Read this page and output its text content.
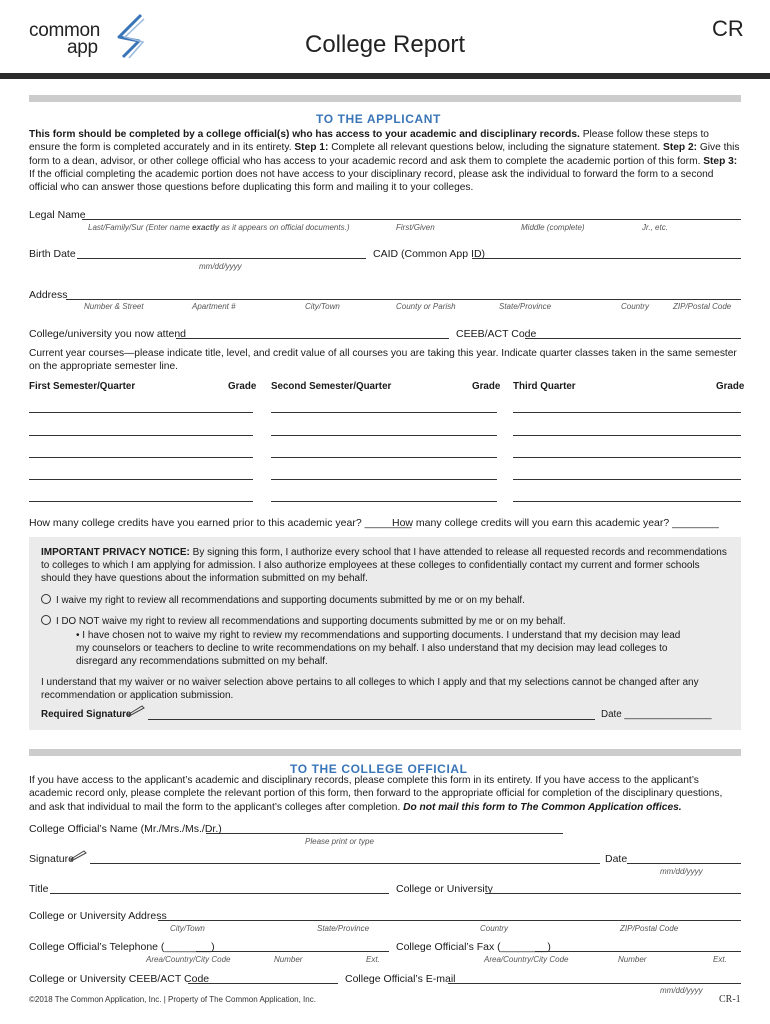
common
app	College Report
CR
TO THE APPLICANT
This form should be completed by a college official(s) who has access to your academic and disciplinary records. Please follow these steps to ensure the form is completed accurately and in its entirety. Step 1: Complete all relevant questions below, including the signature statement. Step 2: Give this form to a dean, advisor, or other college official who has access to your academic record and ask them to complete the academic portion of this form. Step 3: If the official completing the academic portion does not have access to your disciplinary record, please ask the individual to forward the form to a second official who can answer those questions before duplicating this form and mailing it to your colleges.
Legal Name
Last/Family/Sur (Enter name exactly as it appears on official documents.)	First/Given	Middle (complete)	Jr., etc.
Birth Date
mm/dd/yyyy
CAID (Common App ID)
Address
Number & Street	Apartment #	City/Town	County or Parish	State/Province	Country	ZIP/Postal Code
College/university you now attend	CEEB/ACT Code
Current year courses—please indicate title, level, and credit value of all courses you are taking this year. Indicate quarter classes taken in the same semester on the appropriate semester line.
First Semester/Quarter	Grade Second Semester/Quarter	Grade Third Quarter	Grade
How many college credits have you earned prior to this academic year? ________
How many college credits will you earn this academic year? ________
IMPORTANT PRIVACY NOTICE: By signing this form, I authorize every school that I have attended to release all requested records and recommendations to colleges to which I am applying for admission. I also authorize employees at these colleges to confidentially contact my current and former schools should they have questions about the information submitted on my behalf.
I waive my right to review all recommendations and supporting documents submitted by me or on my behalf.
I DO NOT waive my right to review all recommendations and supporting documents submitted by me or on my behalf.
• I have chosen not to waive my right to review my recommendations and supporting documents. I understand that my decision may lead my counselors or teachers to decline to write recommendations on my behalf. I also understand that my decision may lead colleges to disregard any recommendations submitted on my behalf.
I understand that my waiver or no waiver selection above pertains to all colleges to which I apply and that my selections cannot be changed after any recommendation or application submission.
Required Signature	Date ________________
TO THE COLLEGE OFFICIAL
If you have access to the applicant’s academic and disciplinary records, please complete this form in its entirety. If you have access to the applicant’s academic record only, please complete the relevant portion of this form, then forward to the appropriate official for completion of the disciplinary questions, and ask that individual to mail the form to the applicant’s colleges after completion. Do not mail this form to The Common Application offices.
College Official’s Name (Mr./Mrs./Ms./Dr.)
Please print or type
Signature	Date
mm/dd/yyyy
Title	College or University
College or University Address
City/Town	State/Province	Country	ZIP/Postal Code
College Official’s Telephone (________)
Area/Country/City Code	Number	Ext.
College Official’s Fax (________)
Area/Country/City Code	Number	Ext.
College or University CEEB/ACT Code	College Official’s E-mail
mm/dd/yyyy
©2018 The Common Application, Inc. | Property of The Common Application, Inc.	CR-1
